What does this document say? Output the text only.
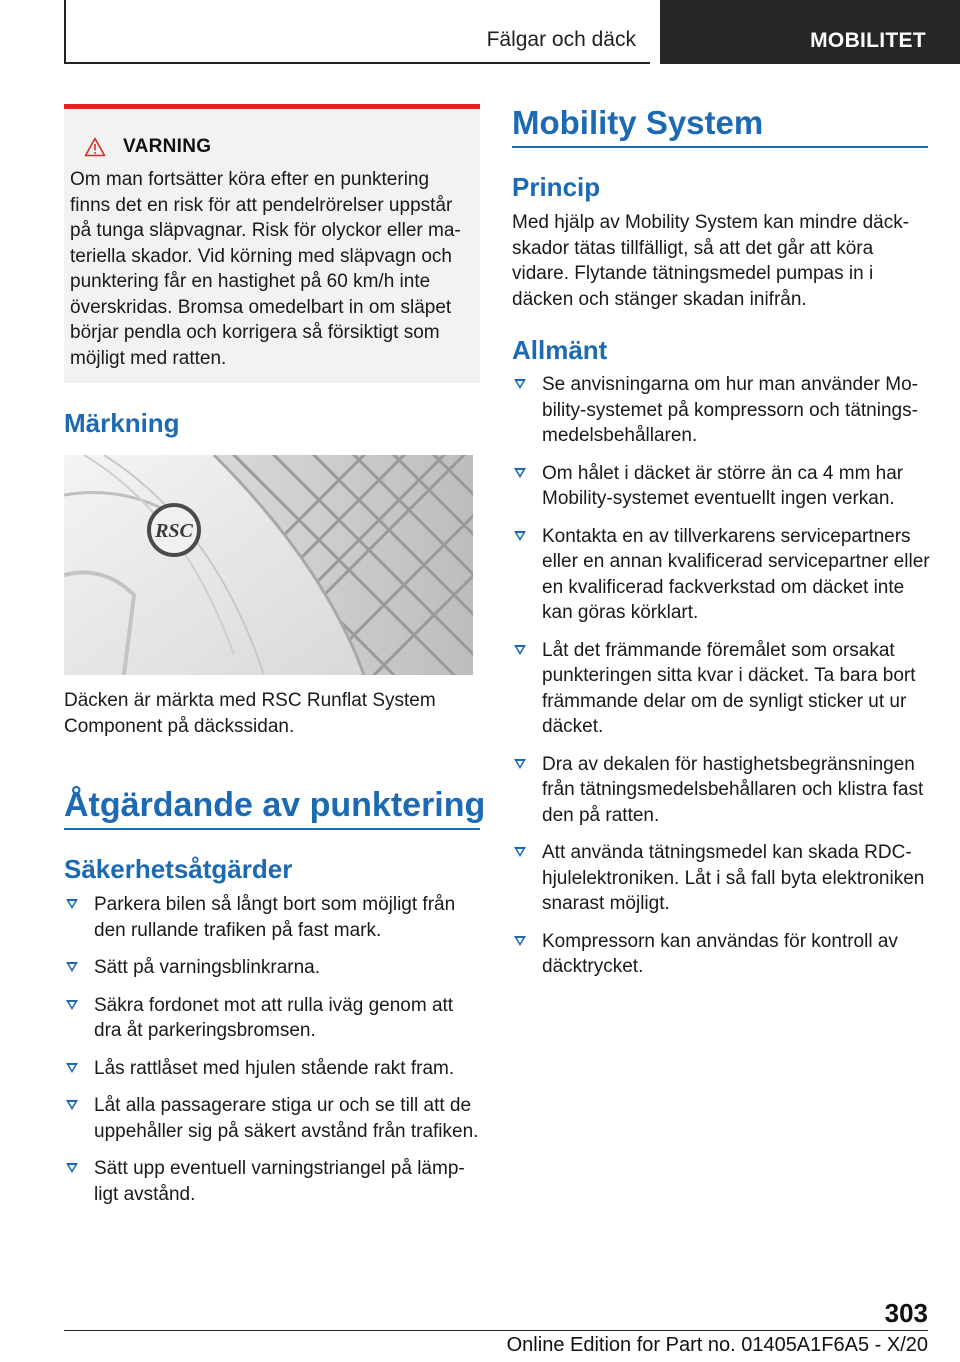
Fälgar och däck	MOBILITET
VARNING
Om man fortsätter köra efter en punktering finns det en risk för att pendelrörelser uppstår på tunga släpvagnar. Risk för olyckor eller ma-teriella skador. Vid körning med släpvagn och punktering får en hastighet på 60 km/h inte överskridas. Bromsa omedelbart in om släpet börjar pendla och korrigera så försiktigt som möjligt med ratten.
Märkning
RSC
Däcken är märkta med RSC Runflat System Component på däckssidan.
Åtgärdande av punktering
Säkerhetsåtgärder
Parkera bilen så långt bort som möjligt från den rullande trafiken på fast mark.
Sätt på varningsblinkrarna.
Säkra fordonet mot att rulla iväg genom att dra åt parkeringsbromsen.
Lås rattlåset med hjulen stående rakt fram.
Låt alla passagerare stiga ur och se till att de uppehåller sig på säkert avstånd från trafiken.
Sätt upp eventuell varningstriangel på lämp-ligt avstånd.
Mobility System
Princip
Med hjälp av Mobility System kan mindre däck-skador tätas tillfälligt, så att det går att köra vidare. Flytande tätningsmedel pumpas in i däcken och stänger skadan inifrån.
Allmänt
Se anvisningarna om hur man använder Mo-bility-systemet på kompressorn och tätnings-medelsbehållaren.
Om hålet i däcket är större än ca 4 mm har Mobility-systemet eventuellt ingen verkan.
Kontakta en av tillverkarens servicepartners eller en annan kvalificerad servicepartner eller en kvalificerad fackverkstad om däcket inte kan göras körklart.
Låt det främmande föremålet som orsakat punkteringen sitta kvar i däcket. Ta bara bort främmande delar om de synligt sticker ut ur däcket.
Dra av dekalen för hastighetsbegränsningen från tätningsmedelsbehållaren och klistra fast den på ratten.
Att använda tätningsmedel kan skada RDC-hjulelektroniken. Låt i så fall byta elektroniken snarast möjligt.
Kompressorn kan användas för kontroll av däcktrycket.
303
Online Edition for Part no. 01405A1F6A5 - X/20
